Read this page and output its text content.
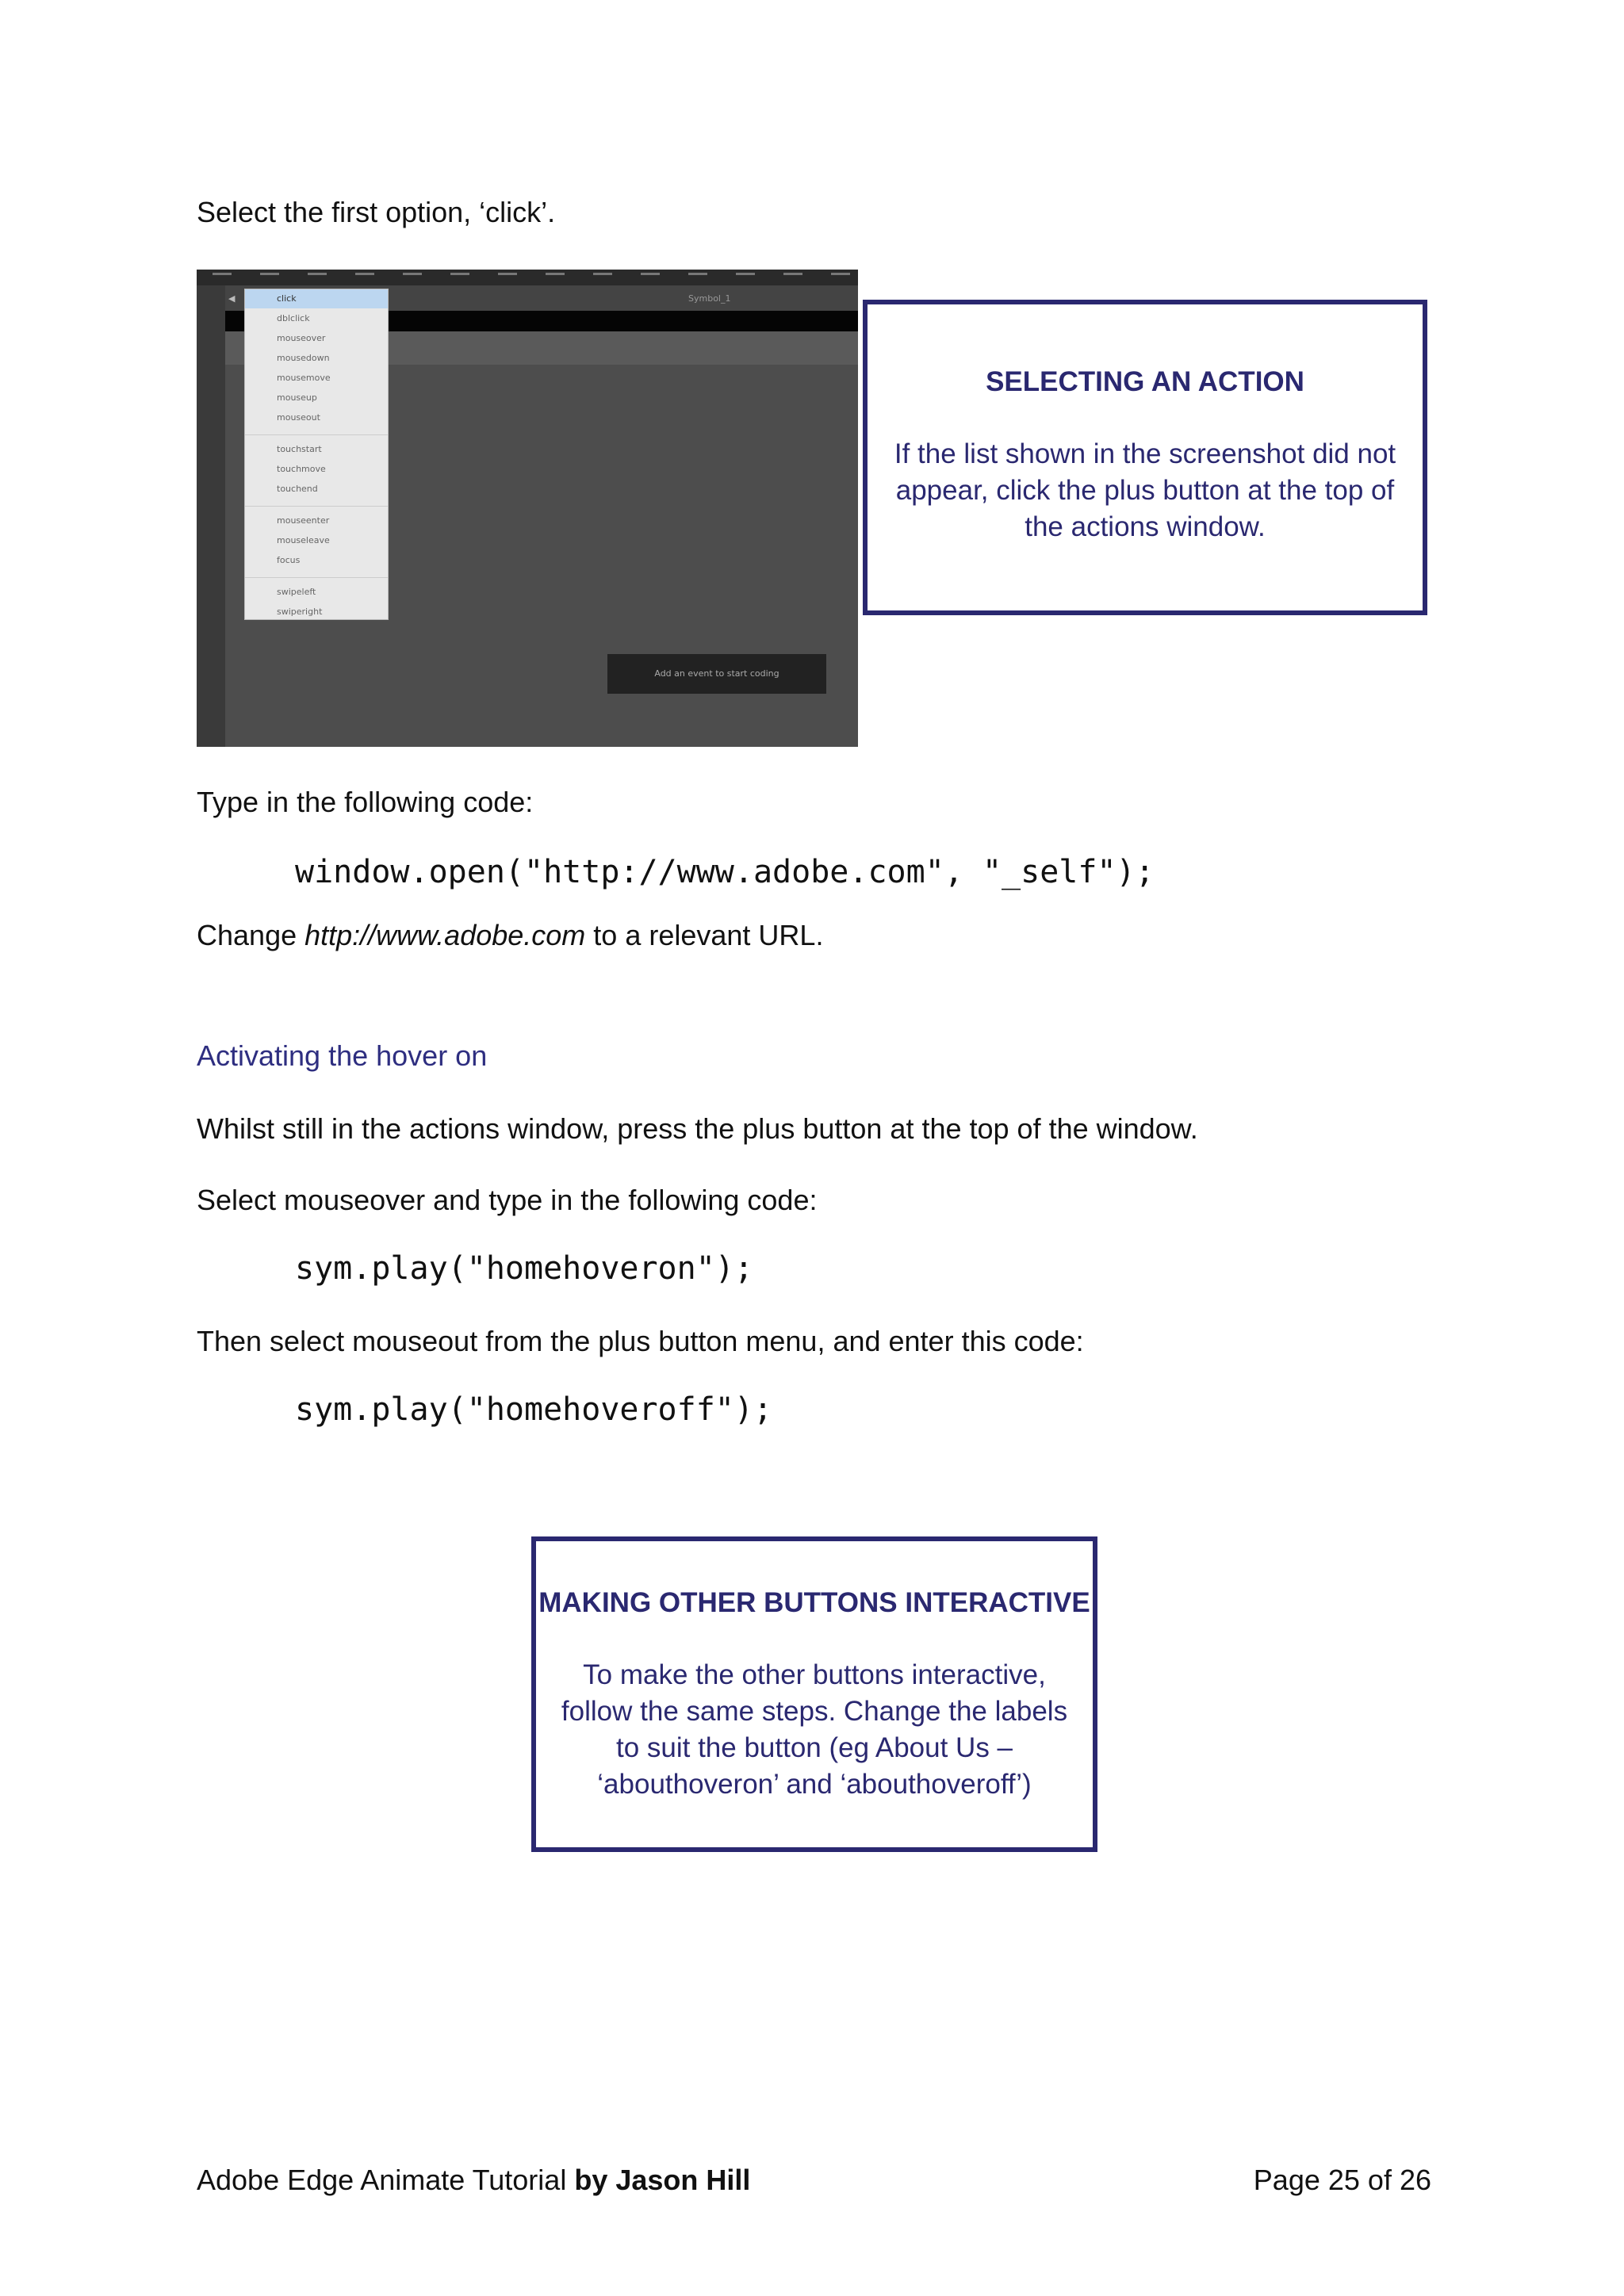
Select the first option, ‘click’.
◀	Symbol_1
click
dblclick
mouseover
mousedown
mousemove
mouseup
mouseout
touchstart
touchmove
touchend
mouseenter
mouseleave
focus
swipeleft
swiperight
Add an event to start coding
SELECTING AN ACTION
If the list shown in the screenshot did not appear, click the plus button at the top of the actions window.
Type in the following code:
window.open("http://www.adobe.com", "_self");
Change http://www.adobe.com to a relevant URL.
Activating the hover on
Whilst still in the actions window, press the plus button at the top of the window.
Select mouseover and type in the following code:
sym.play("homehoveron");
Then select mouseout from the plus button menu, and enter this code:
sym.play("homehoveroff");
MAKING OTHER BUTTONS INTERACTIVE
To make the other buttons interactive, follow the same steps. Change the labels to suit the button (eg About Us – ‘abouthoveron’ and ‘abouthoveroff’)
Adobe Edge Animate Tutorial by Jason Hill	Page 25 of 26
